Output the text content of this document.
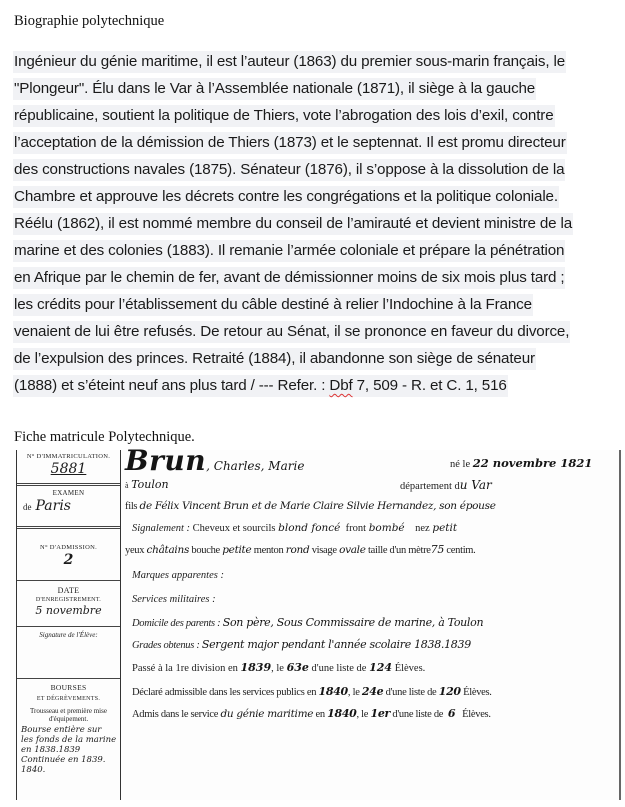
Biographie polytechnique
Ingénieur du génie maritime, il est l’auteur (1863) du premier sous-marin français, le
"Plongeur". Élu dans le Var à l’Assemblée nationale (1871), il siège à la gauche
républicaine, soutient la politique de Thiers, vote l’abrogation des lois d’exil, contre
l’acceptation de la démission de Thiers (1873) et le septennat. Il est promu directeur
des constructions navales (1875). Sénateur (1876), il s’oppose à la dissolution de la
Chambre et approuve les décrets contre les congrégations et la politique coloniale.
Réélu (1862), il est nommé membre du conseil de l’amirauté et devient ministre de la
marine et des colonies (1883). Il remanie l’armée coloniale et prépare la pénétration
en Afrique par le chemin de fer, avant de démissionner moins de six mois plus tard ;
les crédits pour l’établissement du câble destiné à relier l’Indochine à la France
venaient de lui être refusés. De retour au Sénat, il se prononce en faveur du divorce,
de l’expulsion des princes. Retraité (1884), il abandonne son siège de sénateur
(1888) et s’éteint neuf ans plus tard / --- Refer. : Dbf 7, 509 - R. et C. 1, 516
Fiche matricule Polytechnique.
N° D'IMMATRICULATION.
5881
EXAMEN
de Paris
N° D'ADMISSION.
2
DATE
D'ENREGISTREMENT.
5 novembre
Signature de l'Élève:
BOURSES
ET DÉGRÈVEMENTS.
Trousseau et première mise d'équipement.
Bourse entière sur
les fonds de la marine
en 1838.1839
Continuée en 1839.
1840.
Brun, Charles, Marie	né le 22 novembre 1821
à Toulon	département du Var
fils de Félix Vincent Brun et de Marie Claire Silvie Hernandez, son épouse
Signalement : Cheveux et sourcils blond foncé front bombé nez petit
yeux châtains bouche petite menton rond visage ovale taille d'un mètre75 centim.
Marques apparentes :
Services militaires :
Domicile des parents : Son père, Sous Commissaire de marine, à Toulon
Grades obtenus : Sergent major pendant l'année scolaire 1838.1839
Passé à la 1re division en 1839, le 63e d'une liste de 124 Élèves.
Déclaré admissible dans les services publics en 1840, le 24e d'une liste de 120 Élèves.
Admis dans le service du génie maritime en 1840, le 1er d'une liste de 6 Élèves.
